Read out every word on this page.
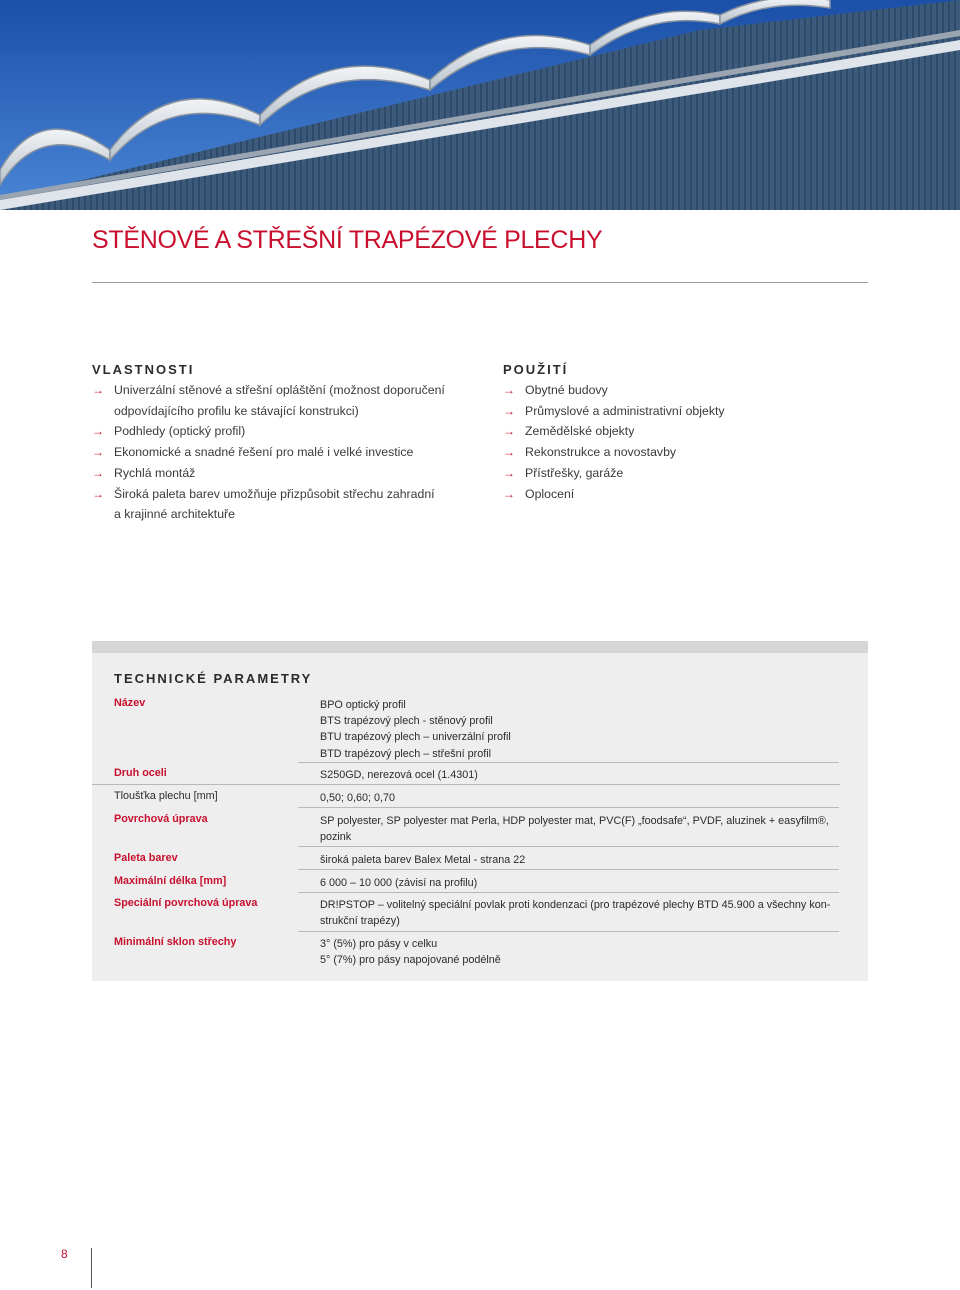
STĚNOVÉ A STŘEŠNÍ TRAPÉZOVÉ PLECHY
VLASTNOSTI
→ Univerzální stěnové a střešní opláštění (možnost doporučení
odpovídajícího profilu ke stávající konstrukci)
→ Podhledy (optický profil)
→ Ekonomické a snadné řešení pro malé i velké investice
→ Rychlá montáž
→ Široká paleta barev umožňuje přizpůsobit střechu zahradní
a krajinné architektuře
POUŽITÍ
→ Obytné budovy
→ Průmyslové a administrativní objekty
→ Zemědělské objekty
→ Rekonstrukce a novostavby
→ Přístřešky, garáže
→ Oplocení
TECHNICKÉ PARAMETRY
Název	BPO optický profil
BTS trapézový plech - stěnový profil
BTU trapézový plech – univerzální profil
BTD trapézový plech – střešní profil
Druh oceli	S250GD, nerezová ocel (1.4301)
Tloušťka plechu [mm]	0,50; 0,60; 0,70
Povrchová úprava	SP polyester, SP polyester mat Perla, HDP polyester mat, PVC(F) „foodsafe“, PVDF, aluzinek + easyfilm®,
pozink
Paleta barev	široká paleta barev Balex Metal - strana 22
Maximální délka [mm]	6 000 – 10 000 (závisí na profilu)
Speciální povrchová úprava	DR!PSTOP – volitelný speciální povlak proti kondenzaci (pro trapézové plechy BTD 45.900 a všechny kon-
strukční trapézy)
Minimální sklon střechy	3° (5%) pro pásy v celku
5° (7%) pro pásy napojované podélně
8
